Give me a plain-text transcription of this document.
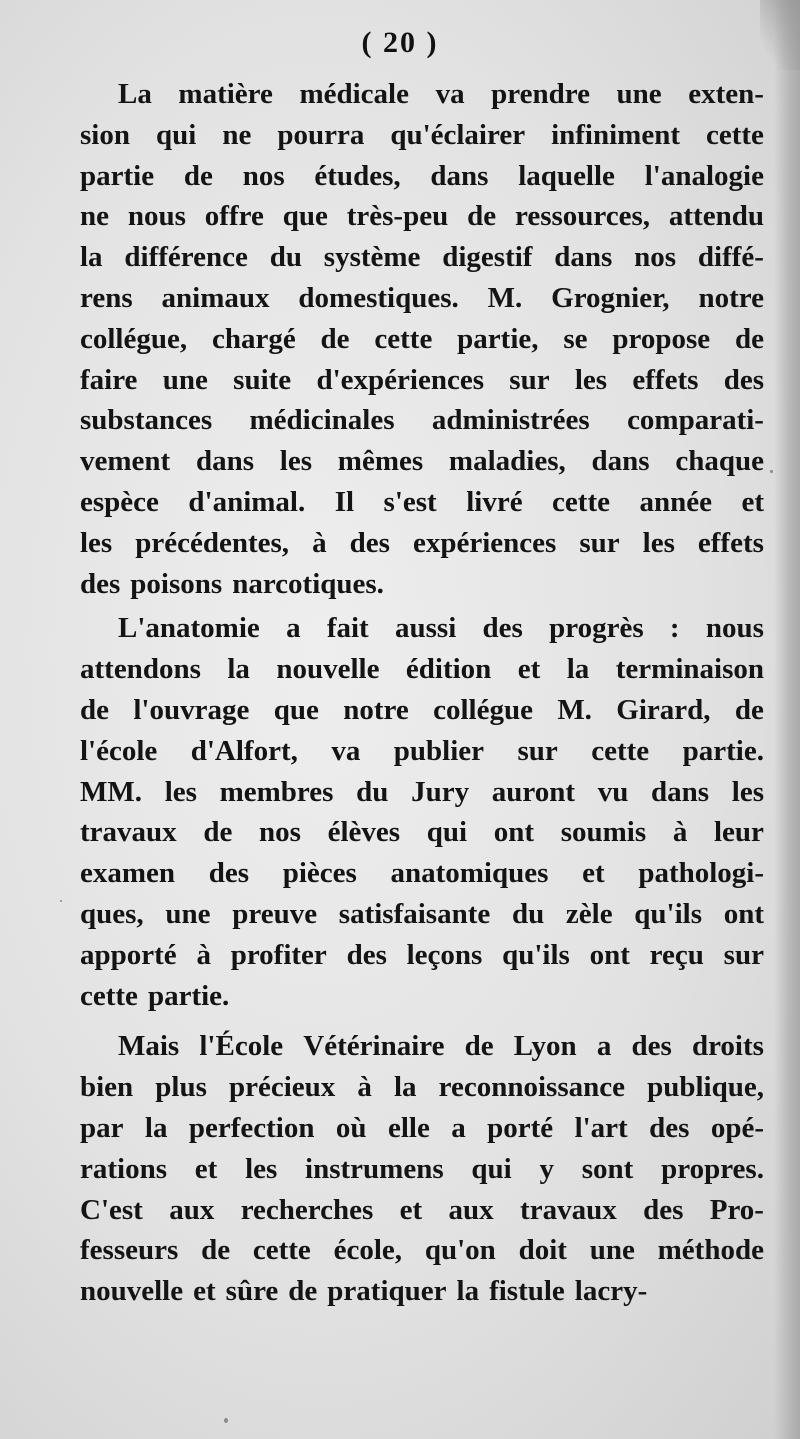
( 20 )
La matière médicale va prendre une exten-
sion qui ne pourra qu'éclairer infiniment cette
partie de nos études, dans laquelle l'analogie
ne nous offre que très-peu de ressources, attendu
la différence du système digestif dans nos diffé-
rens animaux domestiques. M. Grognier, notre
collégue, chargé de cette partie, se propose de
faire une suite d'expériences sur les effets des
substances médicinales administrées comparati-
vement dans les mêmes maladies, dans chaque
espèce d'animal. Il s'est livré cette année et
les précédentes, à des expériences sur les effets
des poisons narcotiques.
L'anatomie a fait aussi des progrès : nous
attendons la nouvelle édition et la terminaison
de l'ouvrage que notre collégue M. Girard, de
l'école d'Alfort, va publier sur cette partie.
MM. les membres du Jury auront vu dans les
travaux de nos élèves qui ont soumis à leur
examen des pièces anatomiques et pathologi-
ques, une preuve satisfaisante du zèle qu'ils ont
apporté à profiter des leçons qu'ils ont reçu sur
cette partie.
Mais l'École Vétérinaire de Lyon a des droits
bien plus précieux à la reconnoissance publique,
par la perfection où elle a porté l'art des opé-
rations et les instrumens qui y sont propres.
C'est aux recherches et aux travaux des Pro-
fesseurs de cette école, qu'on doit une méthode
nouvelle et sûre de pratiquer la fistule lacry-
